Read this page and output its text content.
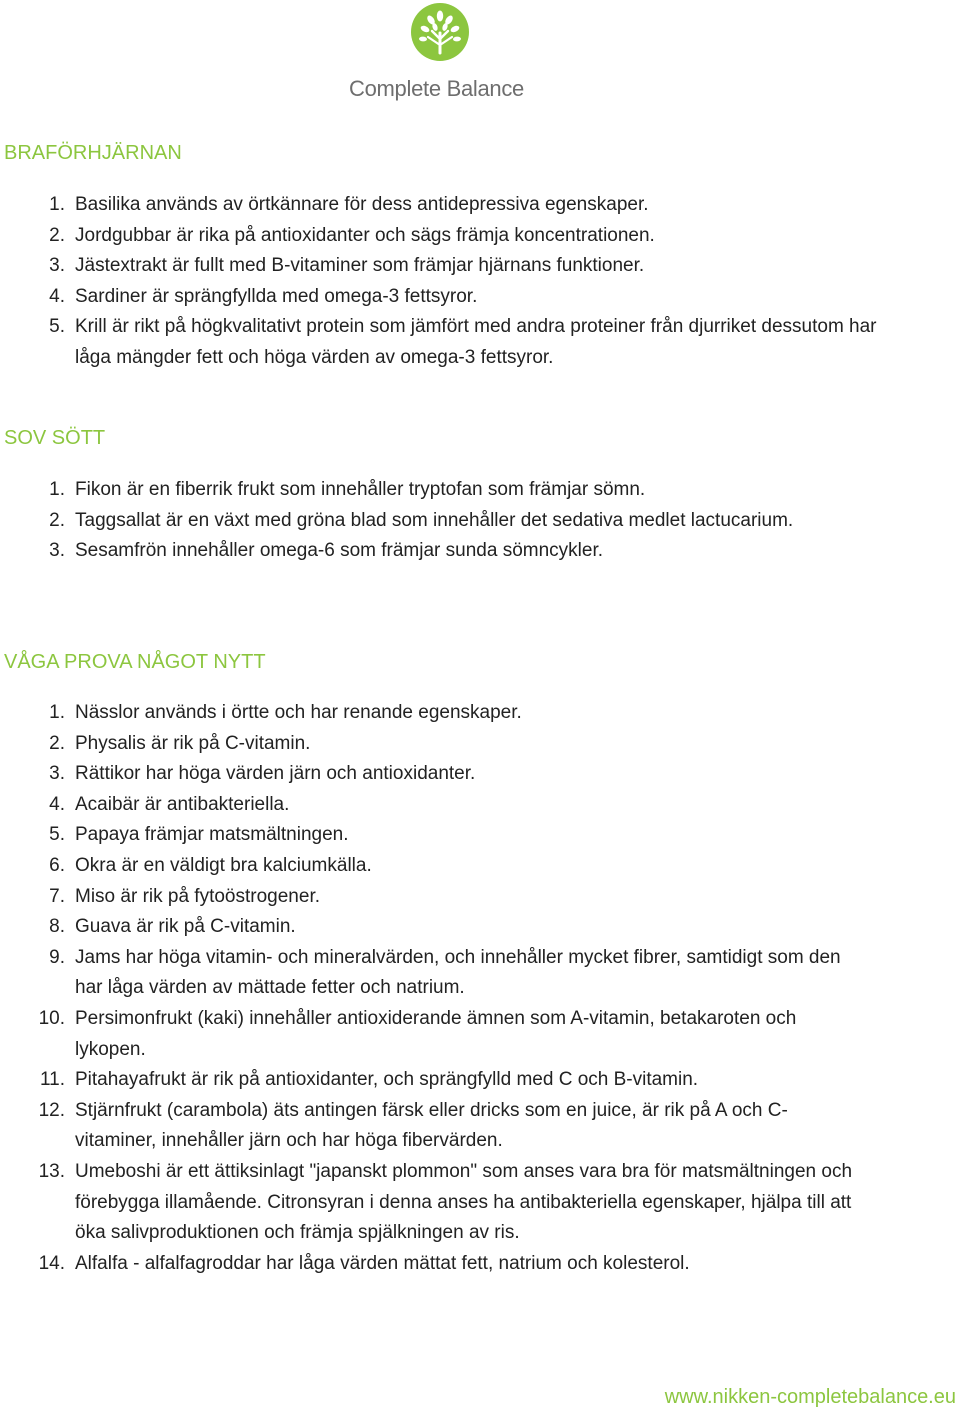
Complete Balance
BRAFÖRHJÄRNAN
1. Basilika används av örtkännare för dess antidepressiva egenskaper.
2. Jordgubbar är rika på antioxidanter och sägs främja koncentrationen.
3. Jästextrakt är fullt med B-vitaminer som främjar hjärnans funktioner.
4. Sardiner är sprängfyllda med omega-3 fettsyror.
5. Krill är rikt på högkvalitativt protein som jämfört med andra proteiner från djurriket dessutom har låga mängder fett och höga värden av omega-3 fettsyror.
SOV SÖTT
1. Fikon är en fiberrik frukt som innehåller tryptofan som främjar sömn.
2. Taggsallat är en växt med gröna blad som innehåller det sedativa medlet lactucarium.
3. Sesamfrön innehåller omega-6 som främjar sunda sömncykler.
VÅGA PROVA NÅGOT NYTT
1. Nässlor används i örtte och har renande egenskaper.
2. Physalis är rik på C-vitamin.
3. Rättikor har höga värden järn och antioxidanter.
4. Acaibär är antibakteriella.
5. Papaya främjar matsmältningen.
6. Okra är en väldigt bra kalciumkälla.
7. Miso är rik på fytoöstrogener.
8. Guava är rik på C-vitamin.
9. Jams har höga vitamin- och mineralvärden, och innehåller mycket fibrer, samtidigt som den har låga värden av mättade fetter och natrium.
10. Persimonfrukt (kaki) innehåller antioxiderande ämnen som A-vitamin, betakaroten och lykopen.
11. Pitahayafrukt är rik på antioxidanter, och sprängfylld med C och B-vitamin.
12. Stjärnfrukt (carambola) äts antingen färsk eller dricks som en juice, är rik på A och C- vitaminer, innehåller järn och har höga fibervärden.
13. Umeboshi är ett ättiksinlagt "japanskt plommon" som anses vara bra för matsmältningen och förebygga illamående. Citronsyran i denna anses ha antibakteriella egenskaper, hjälpa till att öka salivproduktionen och främja spjälkningen av ris.
14. Alfalfa - alfalfagroddar har låga värden mättat fett, natrium och kolesterol.
www.nikken-completebalance.eu
